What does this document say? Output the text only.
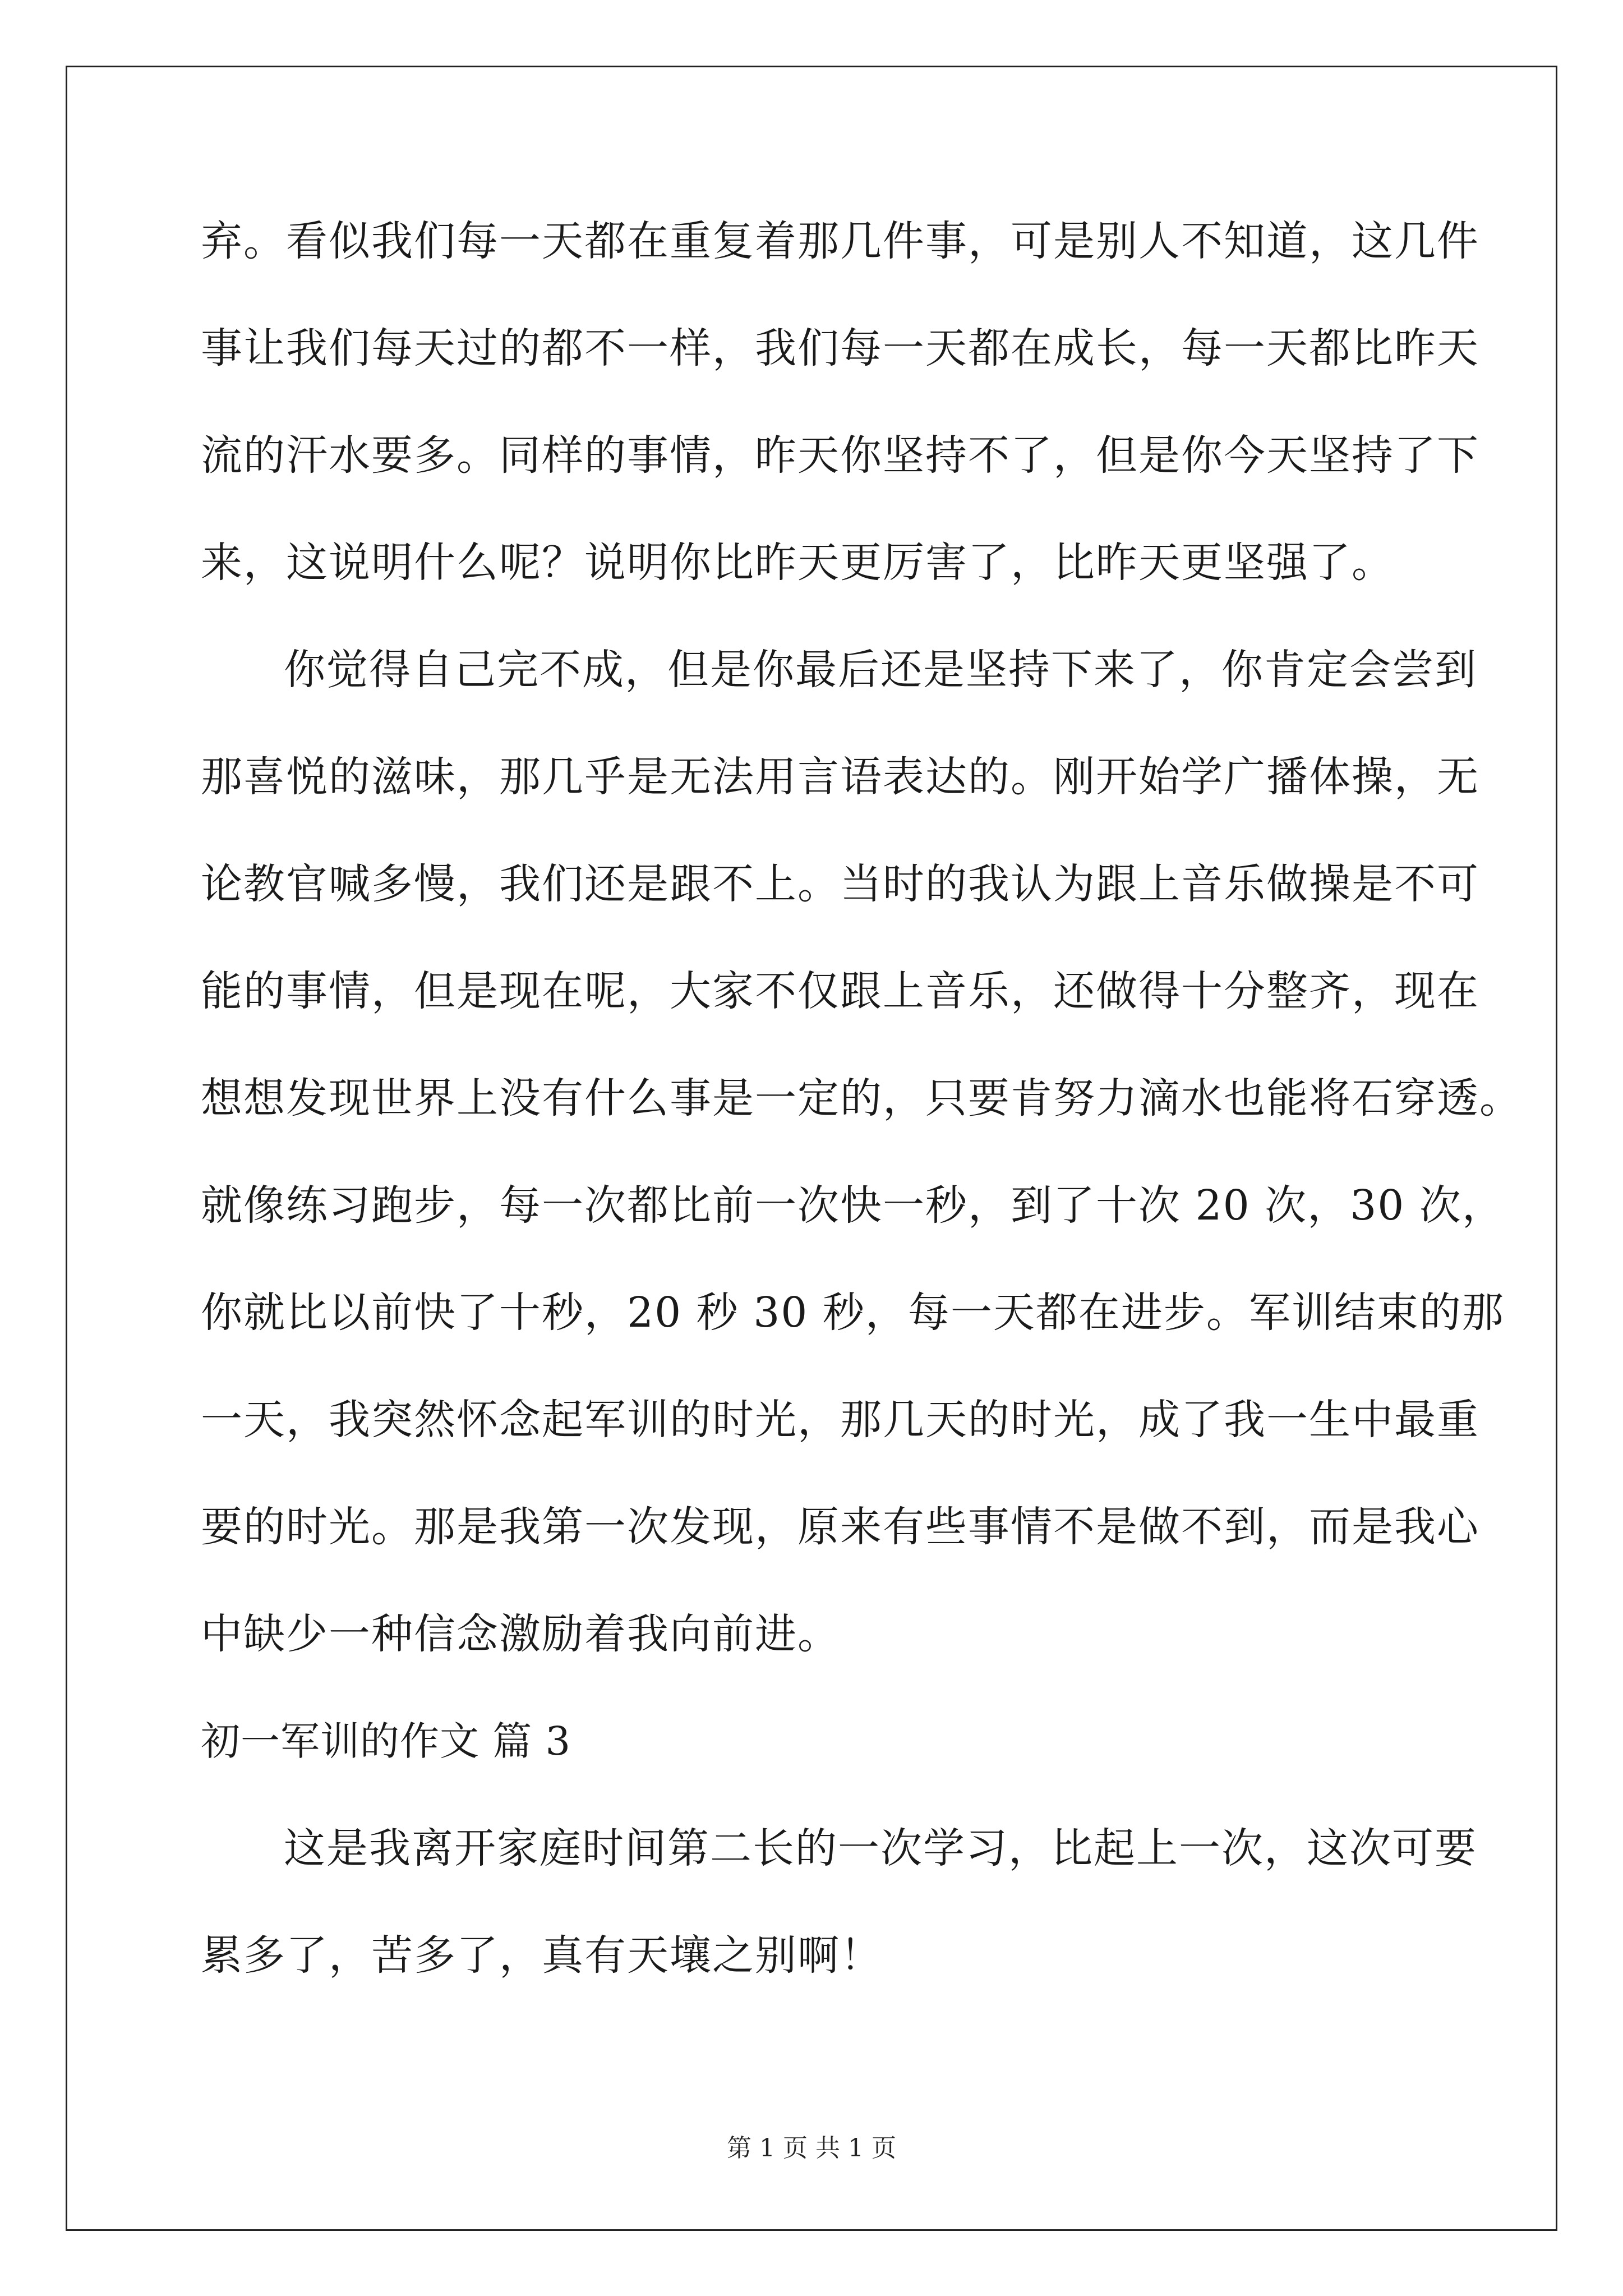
弃。看似我们每一天都在重复着那几件事，可是别人不知道，这几件
事让我们每天过的都不一样，我们每一天都在成长，每一天都比昨天
流的汗水要多。同样的事情，昨天你坚持不了，但是你今天坚持了下
来，这说明什么呢？说明你比昨天更厉害了，比昨天更坚强了。
你觉得自己完不成，但是你最后还是坚持下来了，你肯定会尝到
那喜悦的滋味，那几乎是无法用言语表达的。刚开始学广播体操，无
论教官喊多慢，我们还是跟不上。当时的我认为跟上音乐做操是不可
能的事情，但是现在呢，大家不仅跟上音乐，还做得十分整齐，现在
想想发现世界上没有什么事是一定的，只要肯努力滴水也能将石穿透。
就像练习跑步，每一次都比前一次快一秒，到了十次 20 次，30 次，
你就比以前快了十秒，20 秒 30 秒，每一天都在进步。军训结束的那
一天，我突然怀念起军训的时光，那几天的时光，成了我一生中最重
要的时光。那是我第一次发现，原来有些事情不是做不到，而是我心
中缺少一种信念激励着我向前进。
初一军训的作文 篇 3
这是我离开家庭时间第二长的一次学习，比起上一次，这次可要
累多了，苦多了，真有天壤之别啊！
第 1 页 共 1 页
